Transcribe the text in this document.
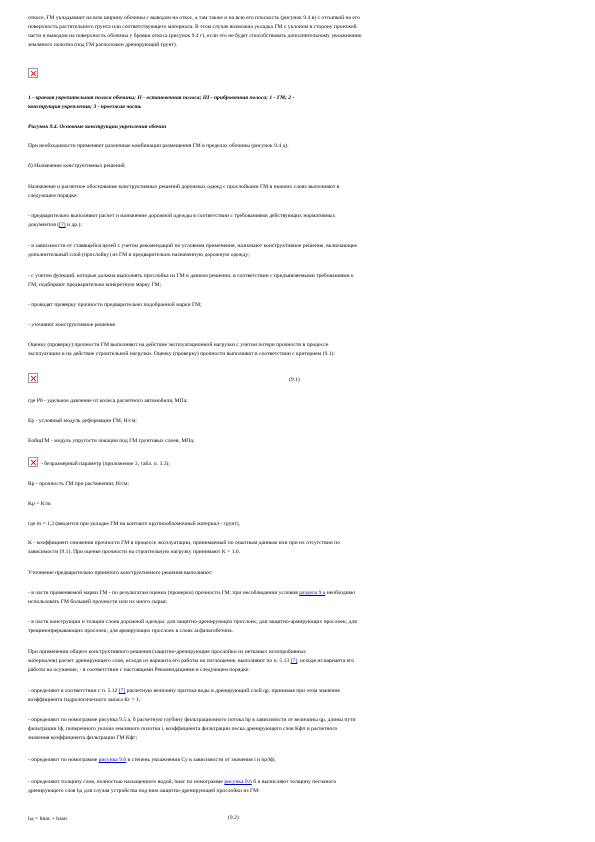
откосе, ГМ укладывают на всю ширину обочины с выводом на откос, а там также и на всю его плоскость (рисунок 9.4 в) с отсыпкой на его

поверхность растительного грунта или соответствующего материала. В этом случае возможна укладка ГМ с уклоном в сторону проезжей

части и выводом на поверхность обочины у бровки откоса (рисунок 9.4 г), если это не будет способствовать дополнительному увлажнению

земляного полотна (под ГМ расположен дренирующий грунт).

1 - краевая укрепительная полоса обочины; II - остановочная полоса; III - прибровочная полоса; 1 - ГМ; 2 -

конструкция укрепления; 3 - проезжая часть

Рисунок 9.4. Основные конструкции укрепления обочин

При необходимости применяют различные комбинации размещения ГМ в пределах обочины (рисунок 9.4 д).

б) Назначение конструктивных решений

Назначение и расчетное обоснование конструктивных решений дорожных одежд с прослойками ГМ в нижних слоях выполняют в

следующем порядке:

- предварительно выполняют расчет и назначение дорожной одежды в соответствии с требованиями действующих нормативных

документов ([7] и др.);

- в зависимости от ставящейся целей с учетом рекомендаций по условиям применения, назначают конструктивное решение, включающее

дополнительный слой (прослойку) из ГМ в предварительно назначенную дорожную одежду;

- с учетом функций, которые должна выполнять прослойка из ГМ в данном решении, в соответствии с предъявляемыми требованиями к

ГМ, подбирают предварительно конкретную марку ГМ;

- проводят проверку прочности предварительно подобранной марки ГМ;

- уточняют конструктивное решение.

Оценку (проверку) прочности ГМ выполняют на действие эксплуатационной нагрузки с учетом потери прочности в процессе

эксплуатации и на действие строительной нагрузки. Оценку (проверку) прочности выполняют в соответствии с критерием (9.1):

(9.1)

где P0 - удельное давление от колеса расчетного автомобиля, МПа;

Ep - условный модуль деформации ГМ, Н/см;

ЕобщГМ - модуль упругости локации под ГМ грунтовых слоев, МПа;

- безразмерный параметр (приложение 3, табл. п. 3.3);

Rp - прочность ГМ при растяжении, Н/см;

Kp = K/m

где m = 1,3 (вводится при укладке ГМ на контакте крупнообломочный материал - грунт),

K - коэффициент снижения прочности ГМ в процессе эксплуатации, принимаемый по опытным данным или при их отсутствии по

зависимости (9.1). При оценке прочности на строительную нагрузку принимают K = 1,0.

Уточнение предварительно принятого конструктивного решения выполняют:

- в части применяемой марки ГМ - по результатам оценки (проверки) прочности ГМ; при несоблюдении условия раздела 9.a необходимо

использовать ГМ большей прочности или их иного сырья;

- в части конструкции и толщин слоев дорожной одежды: для защитно-дренирующих прослоек; для защитно-армирующих прослоек; для

трещинопрерывающих прослоек; для армирующих прослоек в слоях асфальтобетона.

При применении общего конструктивного решения (защитно-дренирующие прослойки из нетканых иглопробивных

материалов) расчет дренирующего слоя, исходя из варианта его работы на поглощение, выполняют по п. 5.13 [7], исходя из варианта его

работы на осушение, - в соответствии с настоящими Рекомендациями в следующем порядке:

- определяют в соответствии с п. 5.12 [7] расчетную величину притока воды в дренирующий слой qp, принимая при этом значение

коэффициента гидрологического запаса Кг = 1;

- определяют по номограмме рисунка 9.5 а, б расчетную глубину фильтрационного потока hp в зависимости от величины qp, длины пути

фильтрации lф, поперечного уклона земляного полотна i, коэффициента фильтрации песка дренирующего слоя Кфп и расчетного

значения коэффициента фильтрации ГМ Кфг;

- определяют по номограмме рисунка 9.6 в степень увлажнения Су в зависимости от значения i и hp/lф;

- определяют толщину слоя, полностью насыщенного водой, hнас по номограмме рисунка 9.6 б и вычисляют толщину песчаного

дренирующего слоя hд для случая устройства под ним защитно-дренирующей прослойки из ГМ:

hд = hнас + hзап	(9.2)
